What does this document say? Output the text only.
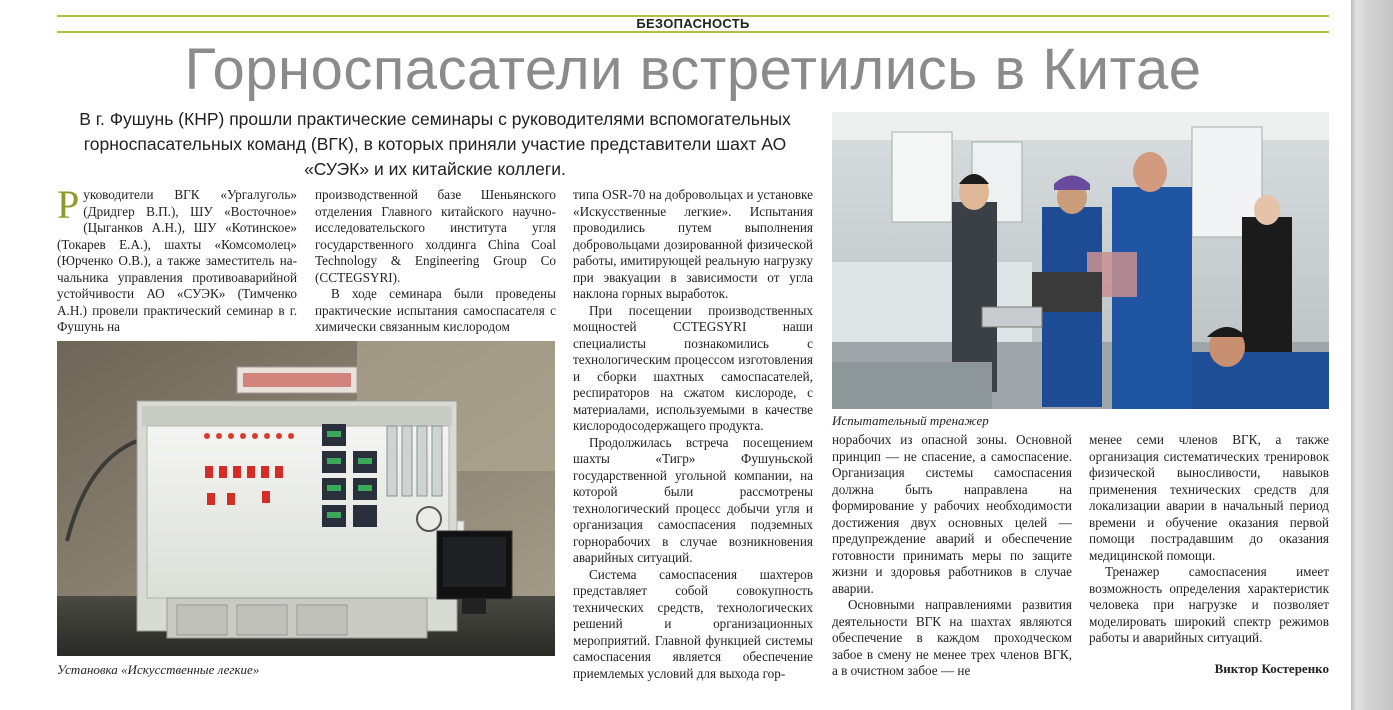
БЕЗОПАСНОСТЬ
Горноспасатели встретились в Китае
В г. Фушунь (КНР) прошли практические семинары с руководителями вспомогательных горноспасательных команд (ВГК), в которых приняли участие представители шахт АО «СУЭК» и их китайские коллеги.

Руководители ВГК «Ургалуголь» (Дридгер В.П.), ШУ «Восточное» (Цыганков А.Н.), ШУ «Котинское» (Токарев Е.А.), шахты «Комсомолец» (Юрченко О.В.), а также заместитель на-чальника управления противоаварийной устойчивости АО «СУЭК» (Тимченко А.Н.) провели практический семинар в г. Фушунь на

производственной базе Шеньянского отделения Главного китайского научно-исследовательского института угля государственного холдинга China Coal Technology & Engineering Group Co (CCTEGSYRI).

В ходе семинара были проведены практические испытания самоспасателя с химически связанным кислородом

Установка «Искусственные легкие»

типа OSR-70 на добровольцах и установке «Искусственные легкие». Испытания проводились путем выполнения добровольцами дозированной физической работы, имитирующей реальную нагрузку при эвакуации в зависимости от угла наклона горных выработок.

При посещении производственных мощностей CCTEGSYRI наши специалисты познакомились с технологическим процессом изготовления и сборки шахтных самоспасателей, респираторов на сжатом кислороде, с материалами, используемыми в качестве кислородосодержащего продукта.

Продолжилась встреча посещением шахты «Тигр» Фушуньской государственной угольной компании, на которой были рассмотрены технологический процесс добычи угля и организация самоспасения подземных горнорабочих в случае возникновения аварийных ситуаций.

Система самоспасения шахтеров представляет собой совокупность технических средств, технологических решений и организационных мероприятий. Главной функцией системы самоспасения является обеспечение приемлемых условий для выхода гор-

Испытательный тренажер

норабочих из опасной зоны. Основной принцип — не спасение, а самоспасение. Организация системы самоспасения должна быть направлена на формирование у рабочих необходимости достижения двух основных целей — предупреждение аварий и обеспечение готовности принимать меры по защите жизни и здоровья работников в случае аварии.

Основными направлениями развития деятельности ВГК на шахтах являются обеспечение в каждом проходческом забое в смену не менее трех членов ВГК, а в очистном забое — не

менее семи членов ВГК, а также организация систематических тренировок физической выносливости, навыков применения технических средств для локализации аварии в начальный период времени и обучение оказания первой помощи пострадавшим до оказания медицинской помощи.

Тренажер самоспасения имеет возможность определения характеристик человека при нагрузке и позволяет моделировать широкий спектр режимов работы и аварийных ситуаций.

Виктор Костеренко
